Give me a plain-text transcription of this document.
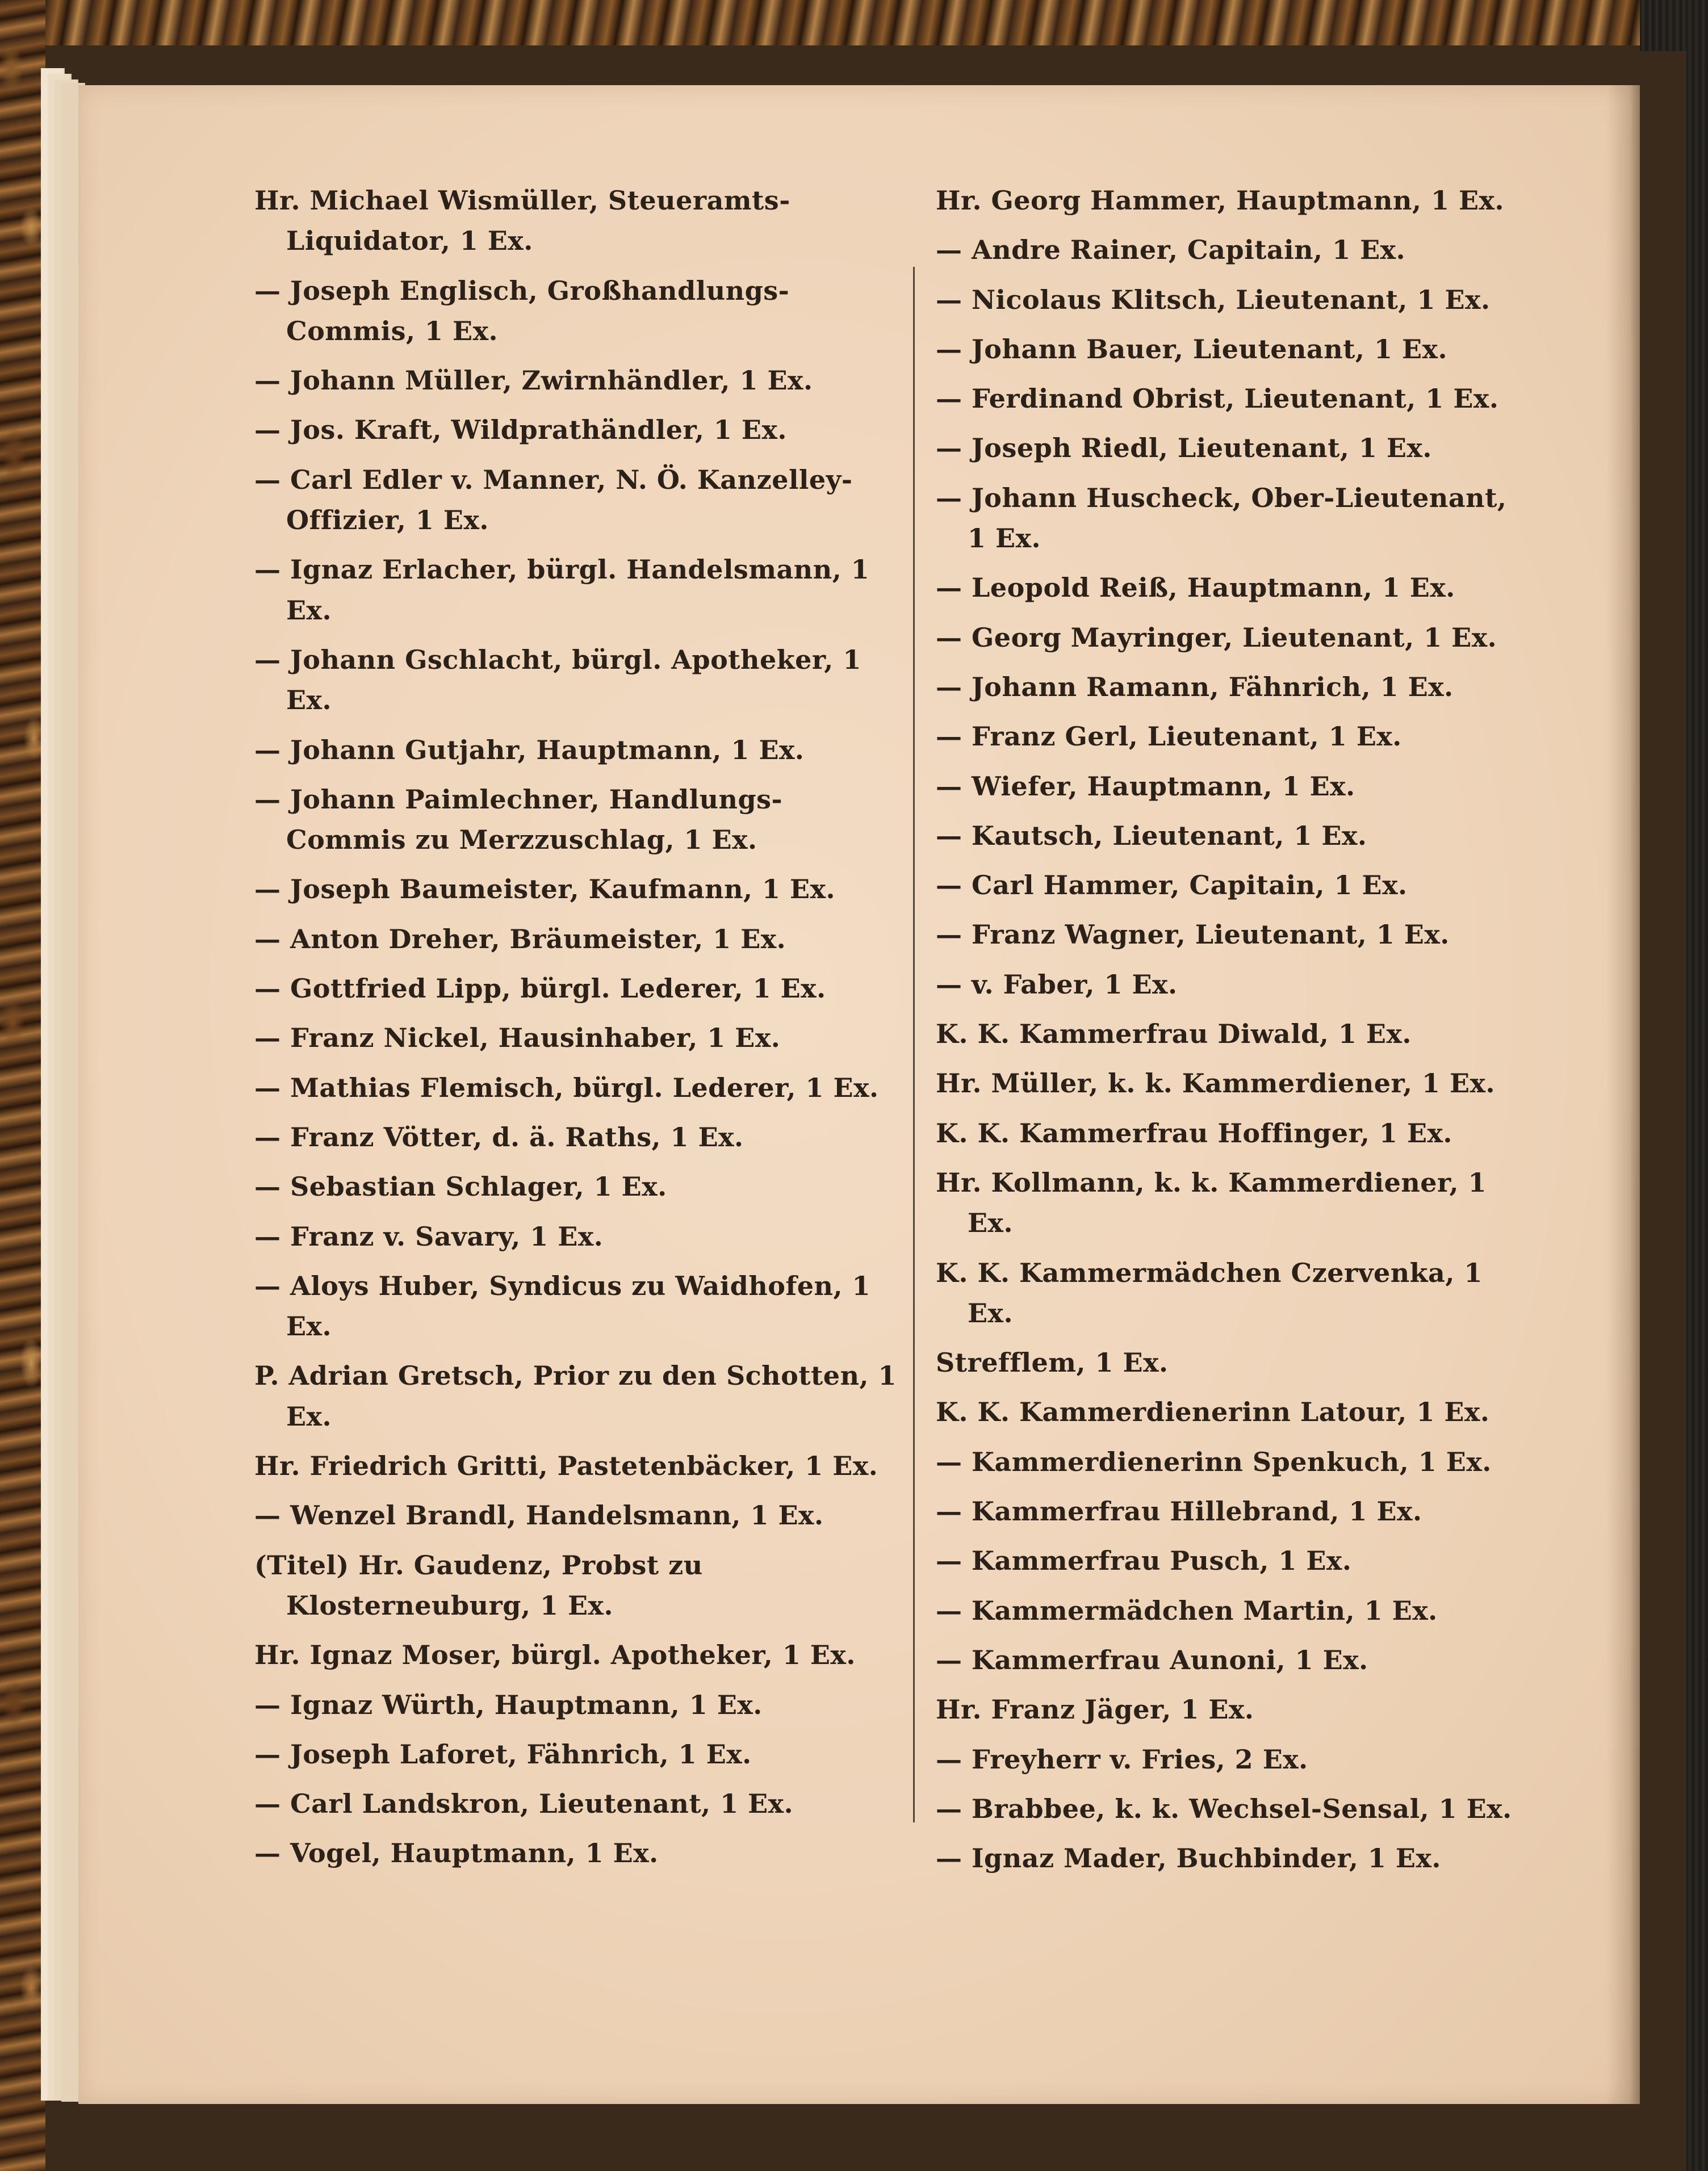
Hr. Michael Wismüller, Steueramts-Liquidator, 1 Ex.
— Joseph Englisch, Großhandlungs-Commis, 1 Ex.
— Johann Müller, Zwirnhändler, 1 Ex.
— Jos. Kraft, Wildprathändler, 1 Ex.
— Carl Edler v. Manner, N. Ö. Kanzelley-Offizier, 1 Ex.
— Ignaz Erlacher, bürgl. Handelsmann, 1 Ex.
— Johann Gschlacht, bürgl. Apotheker, 1 Ex.
— Johann Gutjahr, Hauptmann, 1 Ex.
— Johann Paimlechner, Handlungs-Commis zu Merzzuschlag, 1 Ex.
— Joseph Baumeister, Kaufmann, 1 Ex.
— Anton Dreher, Bräumeister, 1 Ex.
— Gottfried Lipp, bürgl. Lederer, 1 Ex.
— Franz Nickel, Hausinhaber, 1 Ex.
— Mathias Flemisch, bürgl. Lederer, 1 Ex.
— Franz Vötter, d. ä. Raths, 1 Ex.
— Sebastian Schlager, 1 Ex.
— Franz v. Savary, 1 Ex.
— Aloys Huber, Syndicus zu Waidhofen, 1 Ex.
P. Adrian Gretsch, Prior zu den Schotten, 1 Ex.
Hr. Friedrich Gritti, Pastetenbäcker, 1 Ex.
— Wenzel Brandl, Handelsmann, 1 Ex.
(Titel) Hr. Gaudenz, Probst zu Klosterneuburg, 1 Ex.
Hr. Ignaz Moser, bürgl. Apotheker, 1 Ex.
— Ignaz Würth, Hauptmann, 1 Ex.
— Joseph Laforet, Fähnrich, 1 Ex.
— Carl Landskron, Lieutenant, 1 Ex.
— Vogel, Hauptmann, 1 Ex.
Hr. Georg Hammer, Hauptmann, 1 Ex.
— Andre Rainer, Capitain, 1 Ex.
— Nicolaus Klitsch, Lieutenant, 1 Ex.
— Johann Bauer, Lieutenant, 1 Ex.
— Ferdinand Obrist, Lieutenant, 1 Ex.
— Joseph Riedl, Lieutenant, 1 Ex.
— Johann Huscheck, Ober-Lieutenant, 1 Ex.
— Leopold Reiß, Hauptmann, 1 Ex.
— Georg Mayringer, Lieutenant, 1 Ex.
— Johann Ramann, Fähnrich, 1 Ex.
— Franz Gerl, Lieutenant, 1 Ex.
— Wiefer, Hauptmann, 1 Ex.
— Kautsch, Lieutenant, 1 Ex.
— Carl Hammer, Capitain, 1 Ex.
— Franz Wagner, Lieutenant, 1 Ex.
— v. Faber, 1 Ex.
K. K. Kammerfrau Diwald, 1 Ex.
Hr. Müller, k. k. Kammerdiener, 1 Ex.
K. K. Kammerfrau Hoffinger, 1 Ex.
Hr. Kollmann, k. k. Kammerdiener, 1 Ex.
K. K. Kammermädchen Czervenka, 1 Ex.
Strefflem, 1 Ex.
K. K. Kammerdienerinn Latour, 1 Ex.
— Kammerdienerinn Spenkuch, 1 Ex.
— Kammerfrau Hillebrand, 1 Ex.
— Kammerfrau Pusch, 1 Ex.
— Kammermädchen Martin, 1 Ex.
— Kammerfrau Aunoni, 1 Ex.
Hr. Franz Jäger, 1 Ex.
— Freyherr v. Fries, 2 Ex.
— Brabbee, k. k. Wechsel-Sensal, 1 Ex.
— Ignaz Mader, Buchbinder, 1 Ex.
